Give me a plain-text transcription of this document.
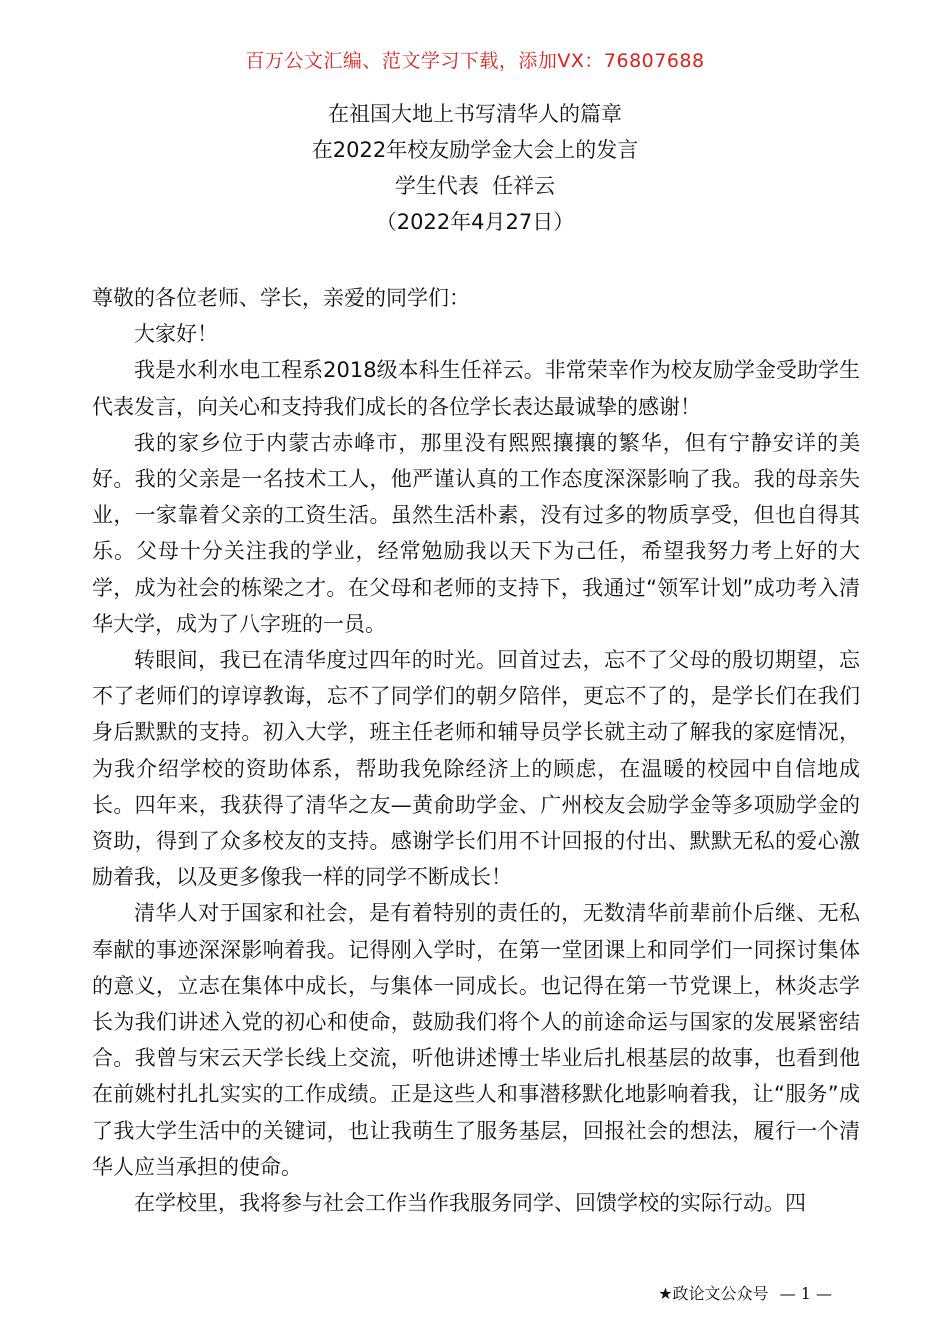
百万公文汇编、范文学习下载，添加VX：76807688
在祖国大地上书写清华人的篇章
在2022年校友励学金大会上的发言
学生代表  任祥云
（2022年4月27日）

尊敬的各位老师、学长，亲爱的同学们：

大家好！

我是水利水电工程系2018级本科生任祥云。非常荣幸作为校友励学金受助学生代表发言，向关心和支持我们成长的各位学长表达最诚挚的感谢！

我的家乡位于内蒙古赤峰市，那里没有熙熙攘攘的繁华，但有宁静安详的美好。我的父亲是一名技术工人，他严谨认真的工作态度深深影响了我。我的母亲失业，一家靠着父亲的工资生活。虽然生活朴素，没有过多的物质享受，但也自得其乐。父母十分关注我的学业，经常勉励我以天下为己任，希望我努力考上好的大学，成为社会的栋梁之才。在父母和老师的支持下，我通过“领军计划”成功考入清华大学，成为了八字班的一员。

转眼间，我已在清华度过四年的时光。回首过去，忘不了父母的殷切期望，忘不了老师们的谆谆教诲，忘不了同学们的朝夕陪伴，更忘不了的，是学长们在我们身后默默的支持。初入大学，班主任老师和辅导员学长就主动了解我的家庭情况，为我介绍学校的资助体系，帮助我免除经济上的顾虑，在温暖的校园中自信地成长。四年来，我获得了清华之友—黄俞助学金、广州校友会励学金等多项励学金的资助，得到了众多校友的支持。感谢学长们用不计回报的付出、默默无私的爱心激励着我，以及更多像我一样的同学不断成长！

清华人对于国家和社会，是有着特别的责任的，无数清华前辈前仆后继、无私奉献的事迹深深影响着我。记得刚入学时，在第一堂团课上和同学们一同探讨集体的意义，立志在集体中成长，与集体一同成长。也记得在第一节党课上，林炎志学长为我们讲述入党的初心和使命，鼓励我们将个人的前途命运与国家的发展紧密结合。我曾与宋云天学长线上交流，听他讲述博士毕业后扎根基层的故事，也看到他在前姚村扎扎实实的工作成绩。正是这些人和事潜移默化地影响着我，让“服务”成了我大学生活中的关键词，也让我萌生了服务基层，回报社会的想法，履行一个清华人应当承担的使命。

在学校里，我将参与社会工作当作我服务同学、回馈学校的实际行动。四

★政论文公众号 — 1 —
